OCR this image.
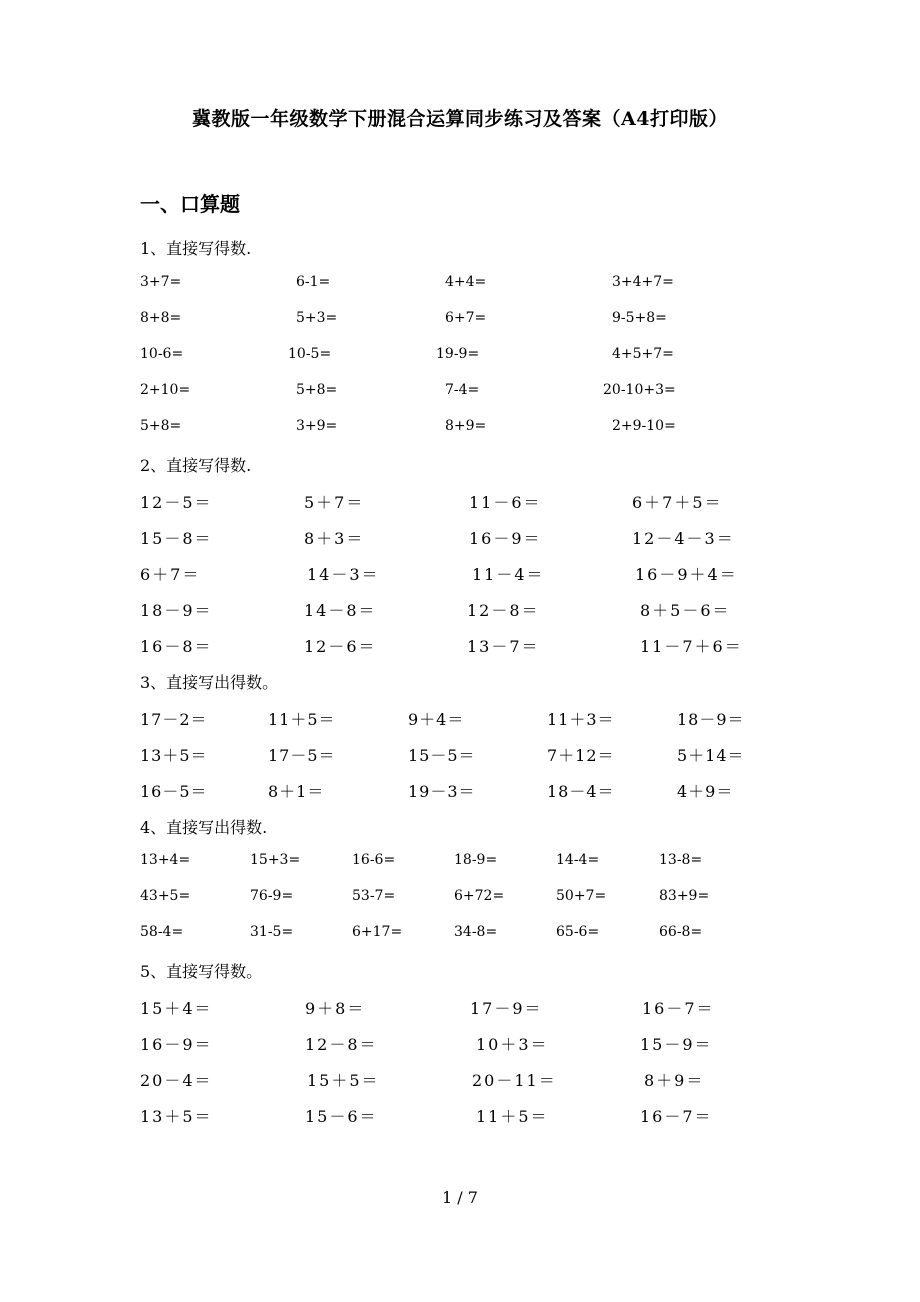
冀教版一年级数学下册混合运算同步练习及答案（A4打印版）
一、口算题
1、直接写得数.
3+7=	6-1=	4+4=	3+4+7=
8+8=	5+3=	6+7=	9-5+8=
10-6=	10-5=	19-9=	4+5+7=
2+10=	5+8=	7-4=	20-10+3=
5+8=	3+9=	8+9=	2+9-10=
2、直接写得数.
12－5＝	5＋7＝	11－6＝	6＋7＋5＝
15－8＝	8＋3＝	16－9＝	12－4－3＝
6＋7＝	14－3＝	11－4＝	16－9＋4＝
18－9＝	14－8＝	12－8＝	8＋5－6＝
16－8＝	12－6＝	13－7＝	11－7＋6＝
3、直接写出得数。
17－2＝	11＋5＝	9＋4＝	11＋3＝	18－9＝
13＋5＝	17－5＝	15－5＝	7＋12＝	5＋14＝
16－5＝	8＋1＝	19－3＝	18－4＝	4＋9＝
4、直接写出得数.
13+4=	15+3=	16-6=	18-9=	14-4=	13-8=
43+5=	76-9=	53-7=	6+72=	50+7=	83+9=
58-4=	31-5=	6+17=	34-8=	65-6=	66-8=
5、直接写得数。
15＋4＝	9＋8＝	17－9＝	16－7＝
16－9＝	12－8＝	10＋3＝	15－9＝
20－4＝	15＋5＝	20－11＝	8＋9＝
13＋5＝	15－6＝	11＋5＝	16－7＝
1 / 7
